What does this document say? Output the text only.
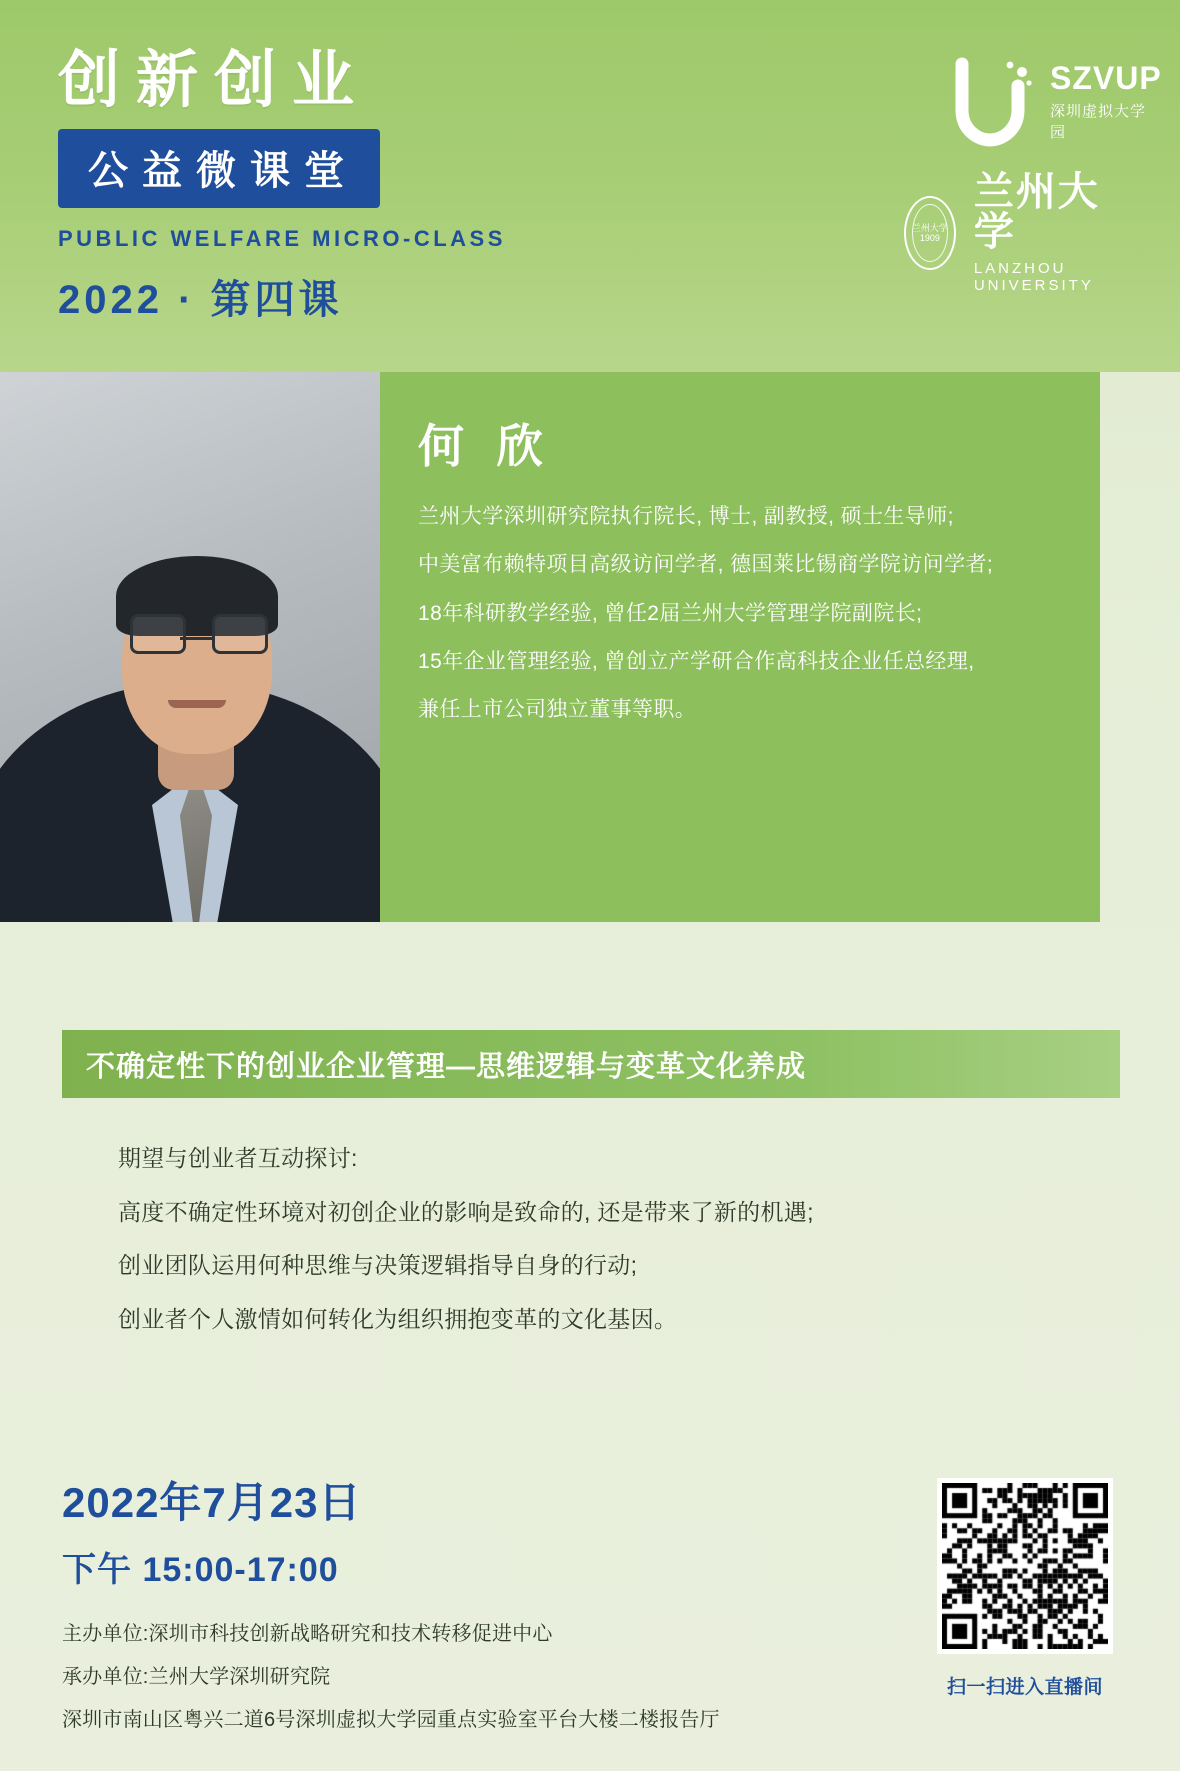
创新创业
公益微课堂
PUBLIC WELFARE MICRO-CLASS
2022 · 第四课
SZVUP
深圳虚拟大学园
兰州大学 1909
兰州大学
LANZHOU UNIVERSITY
何 欣

兰州大学深圳研究院执行院长, 博士, 副教授, 硕士生导师;

中美富布赖特项目高级访问学者, 德国莱比锡商学院访问学者;

18年科研教学经验, 曾任2届兰州大学管理学院副院长;

15年企业管理经验, 曾创立产学研合作高科技企业任总经理,

兼任上市公司独立董事等职。

不确定性下的创业企业管理—思维逻辑与变革文化养成

期望与创业者互动探讨:

高度不确定性环境对初创企业的影响是致命的, 还是带来了新的机遇;

创业团队运用何种思维与决策逻辑指导自身的行动;

创业者个人激情如何转化为组织拥抱变革的文化基因。

2022年7月23日
下午 15:00-17:00

主办单位:深圳市科技创新战略研究和技术转移促进中心

承办单位:兰州大学深圳研究院

深圳市南山区粤兴二道6号深圳虚拟大学园重点实验室平台大楼二楼报告厅

扫一扫进入直播间
